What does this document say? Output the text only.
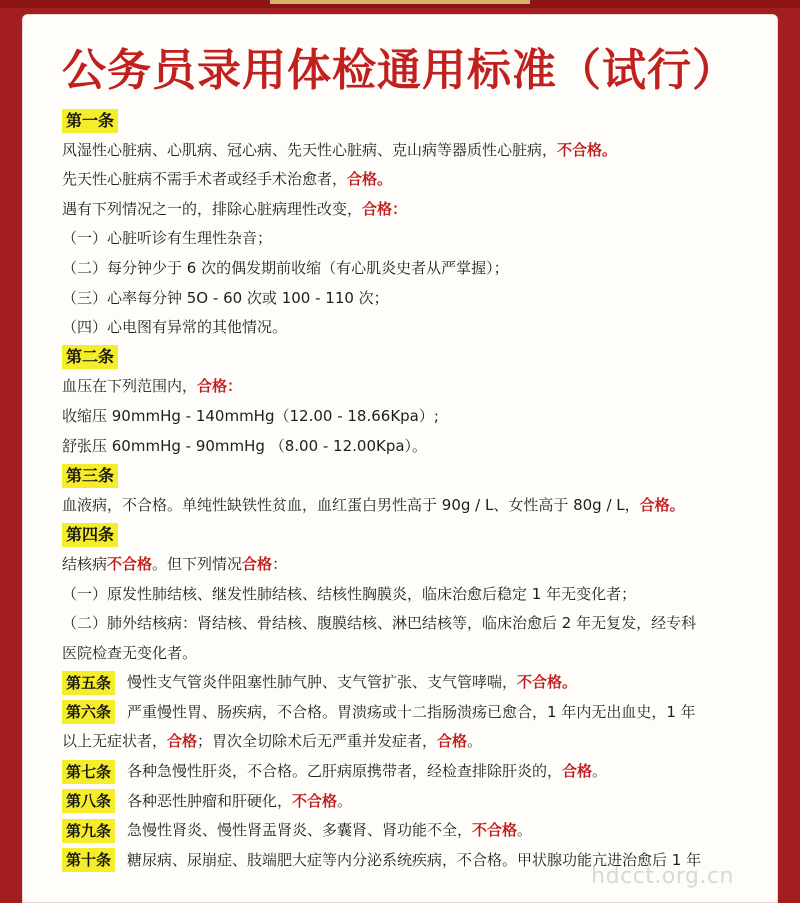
公务员录用体检通用标准（试行）
第一条
风湿性心脏病、心肌病、冠心病、先天性心脏病、克山病等器质性心脏病，不合格。
先天性心脏病不需手术者或经手术治愈者，合格。
遇有下列情况之一的，排除心脏病理性改变，合格：
（一）心脏听诊有生理性杂音；
（二）每分钟少于 6 次的偶发期前收缩（有心肌炎史者从严掌握）；
（三）心率每分钟 5O - 60 次或 100 - 110 次；
（四）心电图有异常的其他情况。
第二条
血压在下列范围内，合格：
收缩压 90mmHg - 140mmHg（12.00 - 18.66Kpa）;
舒张压 60mmHg - 90mmHg （8.00 - 12.00Kpa）。
第三条
血液病，不合格。单纯性缺铁性贫血，血红蛋白男性高于 90g / L、女性高于 80g / L，合格。
第四条
结核病不合格。但下列情况合格：
（一）原发性肺结核、继发性肺结核、结核性胸膜炎，临床治愈后稳定 1 年无变化者；
（二）肺外结核病：肾结核、骨结核、腹膜结核、淋巴结核等，临床治愈后 2 年无复发，经专科
医院检查无变化者。
第五条 慢性支气管炎伴阻塞性肺气肿、支气管扩张、支气管哮喘，不合格。
第六条 严重慢性胃、肠疾病，不合格。胃溃疡或十二指肠溃疡已愈合，1 年内无出血史，1 年
以上无症状者，合格；胃次全切除术后无严重并发症者，合格。
第七条 各种急慢性肝炎，不合格。乙肝病原携带者，经检查排除肝炎的，合格。
第八条 各种恶性肿瘤和肝硬化，不合格。
第九条 急慢性肾炎、慢性肾盂肾炎、多囊肾、肾功能不全，不合格。
第十条 糖尿病、尿崩症、肢端肥大症等内分泌系统疾病，不合格。甲状腺功能亢进治愈后 1 年
hdcct.org.cn
